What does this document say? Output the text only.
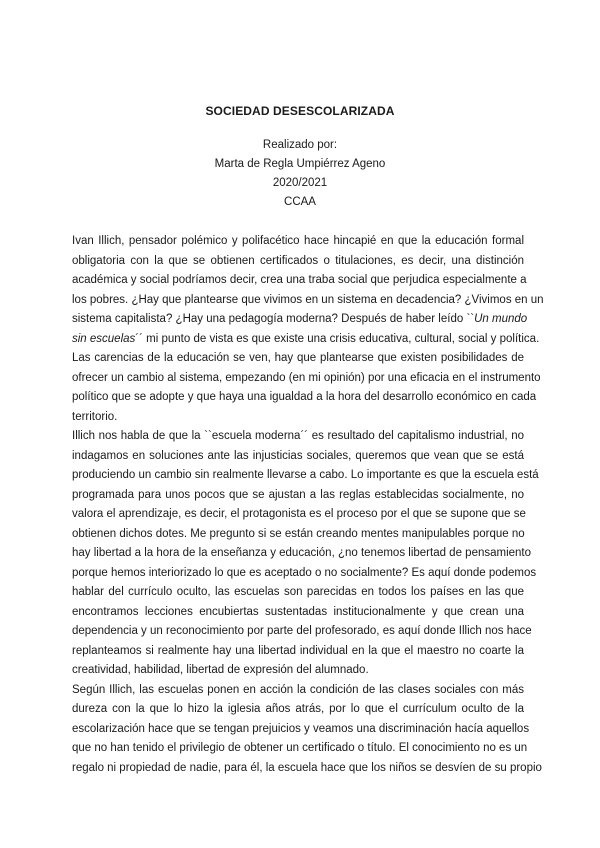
SOCIEDAD DESESCOLARIZADA
Realizado por:
Marta de Regla Umpiérrez Ageno
2020/2021
CCAA
Ivan Illich, pensador polémico y polifacético hace hincapié en que la educación formal
obligatoria con la que se obtienen certificados o titulaciones, es decir, una distinción
académica y social podríamos decir, crea una traba social que perjudica especialmente a
los pobres. ¿Hay que plantearse que vivimos en un sistema en decadencia? ¿Vivimos en un
sistema capitalista? ¿Hay una pedagogía moderna? Después de haber leído ``Un mundo
sin escuelas´´ mi punto de vista es que existe una crisis educativa, cultural, social y política.
Las carencias de la educación se ven, hay que plantearse que existen posibilidades de
ofrecer un cambio al sistema, empezando (en mi opinión) por una eficacia en el instrumento
político que se adopte y que haya una igualdad a la hora del desarrollo económico en cada
territorio.
Illich nos habla de que la ``escuela moderna´´ es resultado del capitalismo industrial, no
indagamos en soluciones ante las injusticias sociales, queremos que vean que se está
produciendo un cambio sin realmente llevarse a cabo. Lo importante es que la escuela está
programada para unos pocos que se ajustan a las reglas establecidas socialmente, no
valora el aprendizaje, es decir, el protagonista es el proceso por el que se supone que se
obtienen dichos dotes. Me pregunto si se están creando mentes manipulables porque no
hay libertad a la hora de la enseñanza y educación, ¿no tenemos libertad de pensamiento
porque hemos interiorizado lo que es aceptado o no socialmente? Es aquí donde podemos
hablar del currículo oculto, las escuelas son parecidas en todos los países en las que
encontramos lecciones encubiertas sustentadas institucionalmente y que crean una
dependencia y un reconocimiento por parte del profesorado, es aquí donde Illich nos hace
replanteamos si realmente hay una libertad individual en la que el maestro no coarte la
creatividad, habilidad, libertad de expresión del alumnado.
Según Illich, las escuelas ponen en acción la condición de las clases sociales con más
dureza con la que lo hizo la iglesia años atrás, por lo que el currículum oculto de la
escolarización hace que se tengan prejuicios y veamos una discriminación hacía aquellos
que no han tenido el privilegio de obtener un certificado o título. El conocimiento no es un
regalo ni propiedad de nadie, para él, la escuela hace que los niños se desvíen de su propio
